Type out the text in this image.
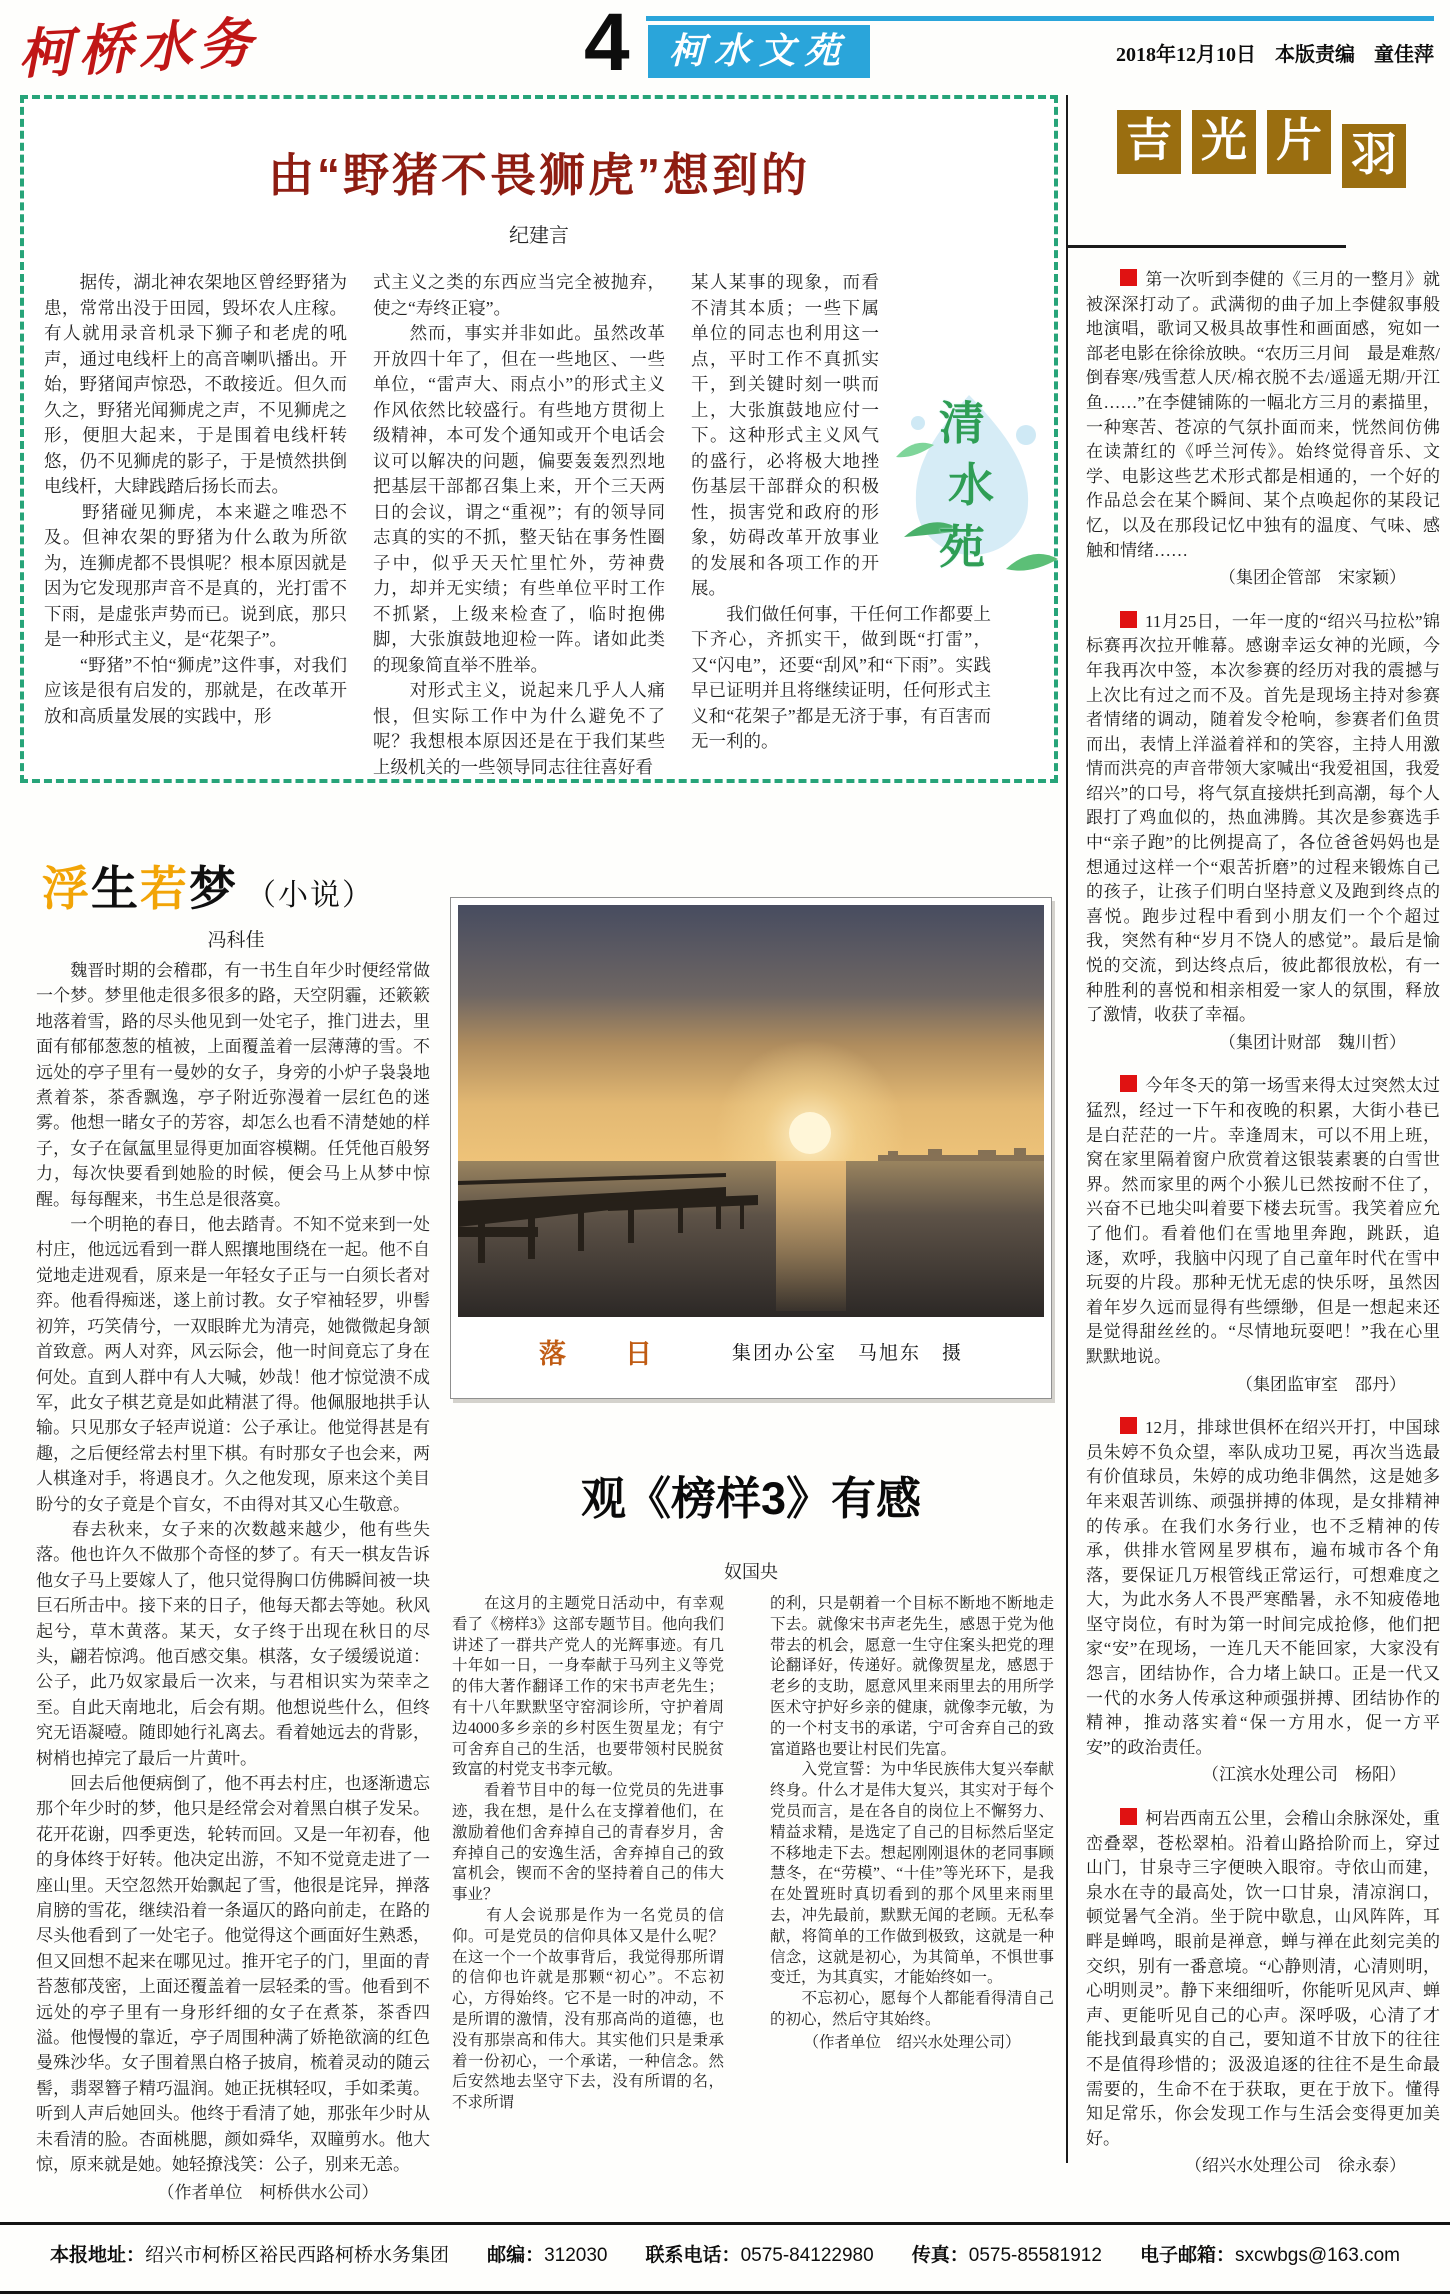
柯桥水务	4	柯水文苑	2018年12月10日 本版责编 童佳萍
由“野猪不畏狮虎”想到的
纪建言

　　据传，湖北神农架地区曾经野猪为患，常常出没于田园，毁坏农人庄稼。有人就用录音机录下狮子和老虎的吼声，通过电线杆上的高音喇叭播出。开始，野猪闻声惊恐，不敢接近。但久而久之，野猪光闻狮虎之声，不见狮虎之形，便胆大起来，于是围着电线杆转悠，仍不见狮虎的影子，于是愤然拱倒电线杆，大肆践踏后扬长而去。

　　野猪碰见狮虎，本来避之唯恐不及。但神农架的野猪为什么敢为所欲为，连狮虎都不畏惧呢？根本原因就是因为它发现那声音不是真的，光打雷不下雨，是虚张声势而已。说到底，那只是一种形式主义，是“花架子”。

　　“野猪”不怕“狮虎”这件事，对我们应该是很有启发的，那就是，在改革开放和高质量发展的实践中，形

式主义之类的东西应当完全被抛弃，使之“寿终正寝”。

　　然而，事实并非如此。虽然改革开放四十年了，但在一些地区、一些单位，“雷声大、雨点小”的形式主义作风依然比较盛行。有些地方贯彻上级精神，本可发个通知或开个电话会议可以解决的问题，偏要轰轰烈烈地把基层干部都召集上来，开个三天两日的会议，谓之“重视”；有的领导同志真的实的不抓，整天钻在事务性圈子中，似乎天天忙里忙外，劳神费力，却并无实绩；有些单位平时工作不抓紧，上级来检查了，临时抱佛脚，大张旗鼓地迎检一阵。诸如此类的现象简直举不胜举。

　　对形式主义，说起来几乎人人痛恨，但实际工作中为什么避免不了呢？我想根本原因还是在于我们某些上级机关的一些领导同志往往喜好看

某人某事的现象，而看不清其本质；一些下属单位的同志也利用这一点，平时工作不真抓实干，到关键时刻一哄而上，大张旗鼓地应付一下。这种形式主义风气的盛行，必将极大地挫伤基层干部群众的积极性，损害党和政府的形象，妨碍改革开放事业的发展和各项工作的开展。

　　我们做任何事，干任何工作都要上下齐心，齐抓实干，做到既“打雷”，又“闪电”，还要“刮风”和“下雨”。实践早已证明并且将继续证明，任何形式主义和“花架子”都是无济于事，有百害而无一利的。

清
水
苑
吉 光 片 羽

第一次听到李健的《三月的一整月》就被深深打动了。武满彻的曲子加上李健叙事般地演唱，歌词又极具故事性和画面感，宛如一部老电影在徐徐放映。“农历三月间　最是难熬/倒春寒/残雪惹人厌/棉衣脱不去/遥遥无期/开江鱼……”在李健铺陈的一幅北方三月的素描里，一种寒苦、苍凉的气氛扑面而来，恍然间仿佛在读萧红的《呼兰河传》。始终觉得音乐、文学、电影这些艺术形式都是相通的，一个好的作品总会在某个瞬间、某个点唤起你的某段记忆，以及在那段记忆中独有的温度、气味、感触和情绪……

（集团企管部　宋家颖）

11月25日，一年一度的“绍兴马拉松”锦标赛再次拉开帷幕。感谢幸运女神的光顾，今年我再次中签，本次参赛的经历对我的震撼与上次比有过之而不及。首先是现场主持对参赛者情绪的调动，随着发令枪响，参赛者们鱼贯而出，表情上洋溢着祥和的笑容，主持人用激情而洪亮的声音带领大家喊出“我爱祖国，我爱绍兴”的口号，将气氛直接烘托到高潮，每个人跟打了鸡血似的，热血沸腾。其次是参赛选手中“亲子跑”的比例提高了，各位爸爸妈妈也是想通过这样一个“艰苦折磨”的过程来锻炼自己的孩子，让孩子们明白坚持意义及跑到终点的喜悦。跑步过程中看到小朋友们一个个超过我，突然有种“岁月不饶人的感觉”。最后是愉悦的交流，到达终点后，彼此都很放松，有一种胜利的喜悦和相亲相爱一家人的氛围，释放了激情，收获了幸福。

（集团计财部　魏川哲）

今年冬天的第一场雪来得太过突然太过猛烈，经过一下午和夜晚的积累，大街小巷已是白茫茫的一片。幸逢周末，可以不用上班，窝在家里隔着窗户欣赏着这银装素裹的白雪世界。然而家里的两个小猴儿已然按耐不住了，兴奋不已地尖叫着要下楼去玩雪。我笑着应允了他们。看着他们在雪地里奔跑，跳跃，追逐，欢呼，我脑中闪现了自己童年时代在雪中玩耍的片段。那种无忧无虑的快乐呀，虽然因着年岁久远而显得有些缥缈，但是一想起来还是觉得甜丝丝的。“尽情地玩耍吧！”我在心里默默地说。

（集团监审室　邵丹）

12月，排球世俱杯在绍兴开打，中国球员朱婷不负众望，率队成功卫冕，再次当选最有价值球员，朱婷的成功绝非偶然，这是她多年来艰苦训练、顽强拼搏的体现，是女排精神的传承。在我们水务行业，也不乏精神的传承，供排水管网星罗棋布，遍布城市各个角落，要保证几万根管线正常运行，可想难度之大，为此水务人不畏严寒酷暑，永不知疲倦地坚守岗位，有时为第一时间完成抢修，他们把家“安”在现场，一连几天不能回家，大家没有怨言，团结协作，合力堵上缺口。正是一代又一代的水务人传承这种顽强拼搏、团结协作的精神，推动落实着“保一方用水，促一方平安”的政治责任。

（江滨水处理公司　杨阳）

柯岩西南五公里，会稽山余脉深处，重峦叠翠，苍松翠柏。沿着山路拾阶而上，穿过山门，甘泉寺三字便映入眼帘。寺依山而建，泉水在寺的最高处，饮一口甘泉，清凉润口，顿觉暑气全消。坐于院中歇息，山风阵阵，耳畔是蝉鸣，眼前是禅意，蝉与禅在此刻完美的交织，别有一番意境。“心静则清，心清则明，心明则灵”。静下来细细听，你能听见风声、蝉声、更能听见自己的心声。深呼吸，心清了才能找到最真实的自己，要知道不甘放下的往往不是值得珍惜的；汲汲追逐的往往不是生命最需要的，生命不在于获取，更在于放下。懂得知足常乐，你会发现工作与生活会变得更加美好。

（绍兴水处理公司　徐永泰）

浮生若梦 （小说）
冯科佳

　　魏晋时期的会稽郡，有一书生自年少时便经常做一个梦。梦里他走很多很多的路，天空阴霾，还簌簌地落着雪，路的尽头他见到一处宅子，推门进去，里面有郁郁葱葱的植被，上面覆盖着一层薄薄的雪。不远处的亭子里有一曼妙的女子，身旁的小炉子袅袅地煮着茶，茶香飘逸，亭子附近弥漫着一层红色的迷雾。他想一睹女子的芳容，却怎么也看不清楚她的样子，女子在氤氲里显得更加面容模糊。任凭他百般努力，每次快要看到她脸的时候，便会马上从梦中惊醒。每每醒来，书生总是很落寞。

　　一个明艳的春日，他去踏青。不知不觉来到一处村庄，他远远看到一群人熙攘地围绕在一起。他不自觉地走进观看，原来是一年轻女子正与一白须长者对弈。他看得痴迷，遂上前讨教。女子窄袖轻罗，丱髻初笄，巧笑倩兮，一双眼眸尤为清亮，她微微起身颔首致意。两人对弈，风云际会，他一时间竟忘了身在何处。直到人群中有人大喊，妙哉！他才惊觉溃不成军，此女子棋艺竟是如此精湛了得。他佩服地拱手认输。只见那女子轻声说道：公子承让。他觉得甚是有趣，之后便经常去村里下棋。有时那女子也会来，两人棋逢对手，将遇良才。久之他发现，原来这个美目盼兮的女子竟是个盲女，不由得对其又心生敬意。

　　春去秋来，女子来的次数越来越少，他有些失落。他也许久不做那个奇怪的梦了。有天一棋友告诉他女子马上要嫁人了，他只觉得胸口仿佛瞬间被一块巨石所击中。接下来的日子，他每天都去等她。秋风起兮，草木黄落。某天，女子终于出现在秋日的尽头，翩若惊鸿。他百感交集。棋落，女子缓缓说道：公子，此乃奴家最后一次来，与君相识实为荣幸之至。自此天南地北，后会有期。他想说些什么，但终究无语凝噎。随即她行礼离去。看着她远去的背影，树梢也掉完了最后一片黄叶。

　　回去后他便病倒了，他不再去村庄，也逐渐遗忘那个年少时的梦，他只是经常会对着黑白棋子发呆。花开花谢，四季更迭，轮转而回。又是一年初春，他的身体终于好转。他决定出游，不知不觉竟走进了一座山里。天空忽然开始飘起了雪，他很是诧异，掸落肩膀的雪花，继续沿着一条逼仄的路向前走，在路的尽头他看到了一处宅子。他觉得这个画面好生熟悉，但又回想不起来在哪见过。推开宅子的门，里面的青苔葱郁茂密，上面还覆盖着一层轻柔的雪。他看到不远处的亭子里有一身形纤细的女子在煮茶，茶香四溢。他慢慢的靠近，亭子周围种满了娇艳欲滴的红色曼殊沙华。女子围着黑白格子披肩，梳着灵动的随云髻，翡翠簪子精巧温润。她正抚棋轻叹，手如柔荑。听到人声后她回头。他终于看清了她，那张年少时从未看清的脸。杏面桃腮，颜如舜华，双瞳剪水。他大惊，原来就是她。她轻撩浅笑：公子，别来无恙。

（作者单位　柯桥供水公司）

落　日	集团办公室　马旭东　摄
观《榜样3》有感
奴国央

　　在这月的主题党日活动中，有幸观看了《榜样3》这部专题节目。他向我们讲述了一群共产党人的光辉事迹。有几十年如一日，一身奉献于马列主义等党的伟大著作翻译工作的宋书声老先生；有十八年默默坚守窑洞诊所，守护着周边4000多乡亲的乡村医生贺星龙；有宁可舍弃自己的生活，也要带领村民脱贫致富的村党支书李元敏。

　　看着节目中的每一位党员的先进事迹，我在想，是什么在支撑着他们，在激励着他们舍弃掉自己的青春岁月，舍弃掉自己的安逸生活，舍弃掉自己的致富机会，锲而不舍的坚持着自己的伟大事业？

　　有人会说那是作为一名党员的信仰。可是党员的信仰具体又是什么呢？在这一个一个故事背后，我觉得那所谓的信仰也许就是那颗“初心”。不忘初心，方得始终。它不是一时的冲动，不是所谓的激情，没有那高尚的道德，也没有那崇高和伟大。其实他们只是秉承着一份初心，一个承诺，一种信念。然后安然地去坚守下去，没有所谓的名，不求所谓

的利，只是朝着一个目标不断地不断地走下去。就像宋书声老先生，感恩于党为他带去的机会，愿意一生守住案头把党的理论翻译好，传递好。就像贺星龙，感恩于老乡的支助，愿意风里来雨里去的用所学医术守护好乡亲的健康，就像李元敏，为的一个村支书的承诺，宁可舍弃自己的致富道路也要让村民们先富。

　　入党宣誓：为中华民族伟大复兴奉献终身。什么才是伟大复兴，其实对于每个党员而言，是在各自的岗位上不懈努力、精益求精，是选定了自己的目标然后坚定不移地走下去。想起刚刚退休的老同事顾慧冬，在“劳模”、“十佳”等光环下，是我在处置班时真切看到的那个风里来雨里去，冲先最前，默默无闻的老顾。无私奉献，将简单的工作做到极致，这就是一种信念，这就是初心，为其简单，不惧世事变迁，为其真实，才能始终如一。

　　不忘初心，愿每个人都能看得清自己的初心，然后守其始终。

（作者单位　绍兴水处理公司）

本报地址：绍兴市柯桥区裕民西路柯桥水务集团 邮编：312030 联系电话：0575-84122980 传真：0575-85581912 电子邮箱：sxcwbgs@163.com
